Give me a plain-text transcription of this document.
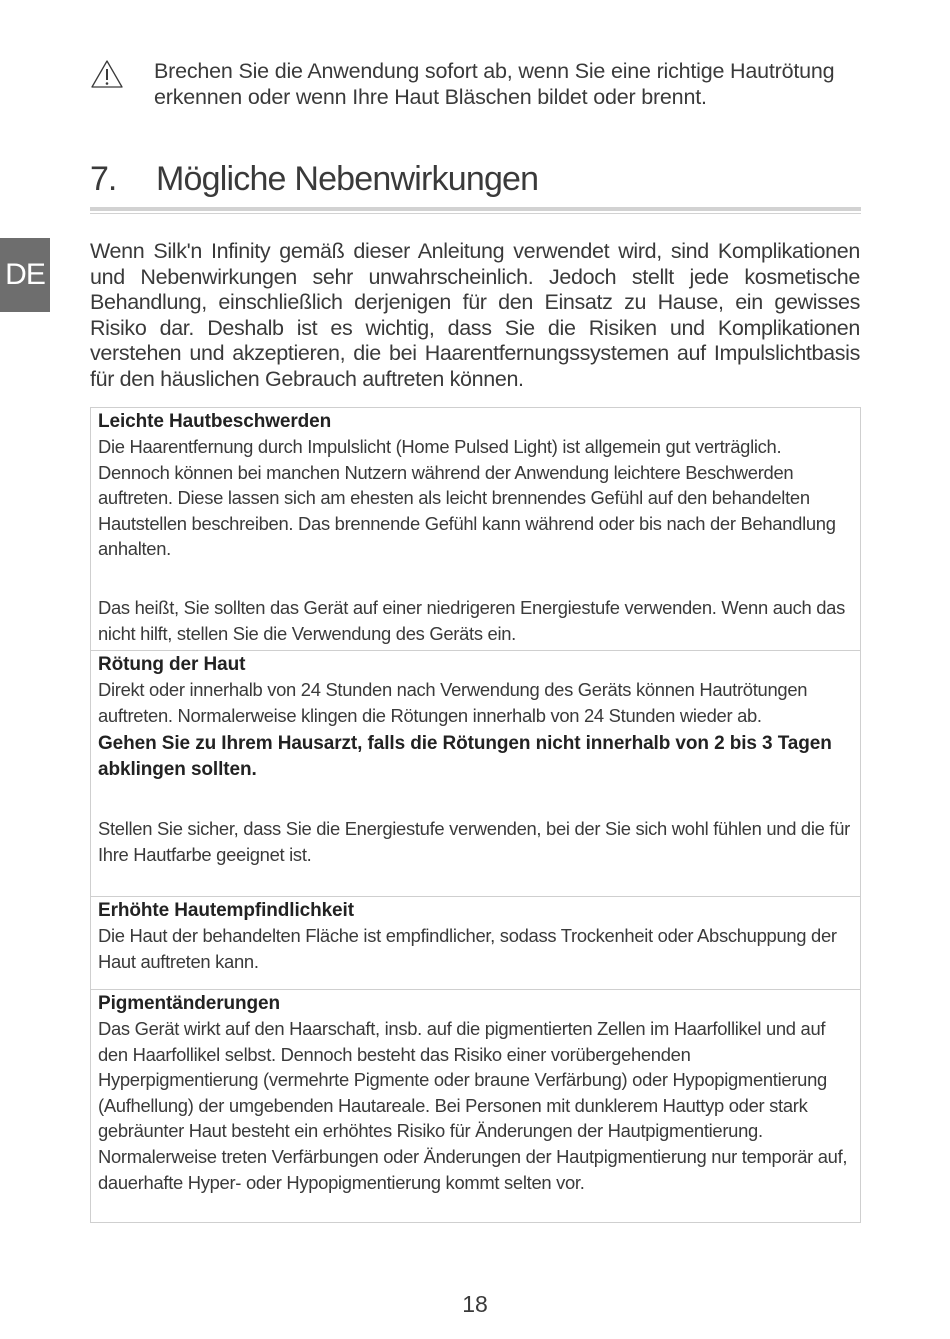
Brechen Sie die Anwendung sofort ab, wenn Sie eine richtige Hautrötung erkennen oder wenn Ihre Haut Bläschen bildet oder brennt.
7. Mögliche Nebenwirkungen
DE
Wenn Silk'n Infinity gemäß dieser Anleitung verwendet wird, sind Komplikationen und Nebenwirkungen sehr unwahrscheinlich. Jedoch stellt jede kosmetische Behandlung, einschließlich derjenigen für den Einsatz zu Hause, ein gewisses Risiko dar. Deshalb ist es wichtig, dass Sie die Risiken und Komplikationen verstehen und akzeptieren, die bei Haarentfernungssystemen auf Impulslichtbasis für den häuslichen Gebrauch auftreten können.
Leichte Hautbeschwerden
Die Haarentfernung durch Impulslicht (Home Pulsed Light) ist allgemein gut verträglich. Dennoch können bei manchen Nutzern während der Anwendung leichtere Beschwerden auftreten. Diese lassen sich am ehesten als leicht brennendes Gefühl auf den behandelten Hautstellen beschreiben. Das brennende Gefühl kann während oder bis nach der Behandlung anhalten.
Das heißt, Sie sollten das Gerät auf einer niedrigeren Energiestufe verwenden. Wenn auch das nicht hilft, stellen Sie die Verwendung des Geräts ein.
Rötung der Haut
Direkt oder innerhalb von 24 Stunden nach Verwendung des Geräts können Hautrötungen auftreten. Normalerweise klingen die Rötungen innerhalb von 24 Stunden wieder ab.
Gehen Sie zu Ihrem Hausarzt, falls die Rötungen nicht innerhalb von 2 bis 3 Tagen abklingen sollten.
Stellen Sie sicher, dass Sie die Energiestufe verwenden, bei der Sie sich wohl fühlen und die für Ihre Hautfarbe geeignet ist.
Erhöhte Hautempfindlichkeit
Die Haut der behandelten Fläche ist empfindlicher, sodass Trockenheit oder Abschuppung der Haut auftreten kann.
Pigmentänderungen
Das Gerät wirkt auf den Haarschaft, insb. auf die pigmentierten Zellen im Haarfollikel und auf den Haarfollikel selbst. Dennoch besteht das Risiko einer vorübergehenden Hyperpigmentierung (vermehrte Pigmente oder braune Verfärbung) oder Hypopigmentierung (Aufhellung) der umgebenden Hautareale. Bei Personen mit dunklerem Hauttyp oder stark gebräunter Haut besteht ein erhöhtes Risiko für Änderungen der Hautpigmentierung. Normalerweise treten Verfärbungen oder Änderungen der Hautpigmentierung nur temporär auf, dauerhafte Hyper- oder Hypopigmentierung kommt selten vor.
18
